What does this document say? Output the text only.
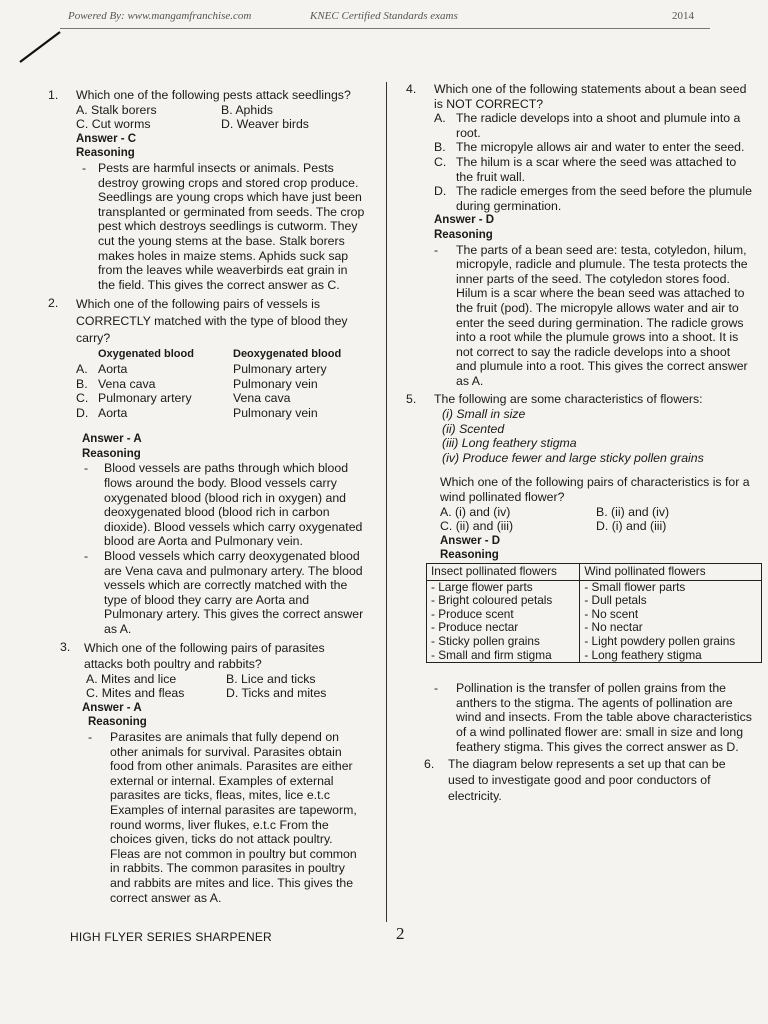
Powered By: www.mangamfranchise.com	KNEC Certified Standards exams	2014
1. Which one of the following pests attack seedlings?
A. Stalk borers	B. Aphids
C. Cut worms	D. Weaver birds
Answer - C
Reasoning
- Pests are harmful insects or animals. Pests destroy growing crops and stored crop produce. Seedlings are young crops which have just been transplanted or germinated from seeds. The crop pest which destroys seedlings is cutworm. They cut the young stems at the base. Stalk borers makes holes in maize stems. Aphids suck sap from the leaves while weaverbirds eat grain in the field. This gives the correct answer as C.
2. Which one of the following pairs of vessels is CORRECTLY matched with the type of blood they carry?
Oxygenated blood	Deoxygenated blood
A. Aorta	Pulmonary artery
B. Vena cava	Pulmonary vein
C. Pulmonary artery	Vena cava
D. Aorta	Pulmonary vein
Answer - A
Reasoning
- Blood vessels are paths through which blood flows around the body. Blood vessels carry oxygenated blood (blood rich in oxygen) and deoxygenated blood (blood rich in carbon dioxide). Blood vessels which carry oxygenated blood are Aorta and Pulmonary vein.
- Blood vessels which carry deoxygenated blood are Vena cava and pulmonary artery. The blood vessels which are correctly matched with the type of blood they carry are Aorta and Pulmonary artery. This gives the correct answer as A.
3. Which one of the following pairs of parasites attacks both poultry and rabbits?
A. Mites and lice	B. Lice and ticks
C. Mites and fleas	D. Ticks and mites
Answer - A
Reasoning
- Parasites are animals that fully depend on other animals for survival. Parasites obtain food from other animals. Parasites are either external or internal. Examples of external parasites are ticks, fleas, mites, lice e.t.c Examples of internal parasites are tapeworm, round worms, liver flukes, e.t.c From the choices given, ticks do not attack poultry. Fleas are not common in poultry but common in rabbits. The common parasites in poultry and rabbits are mites and lice. This gives the correct answer as A.
4. Which one of the following statements about a bean seed is NOT CORRECT?
A. The radicle develops into a shoot and plumule into a root.
B. The micropyle allows air and water to enter the seed.
C. The hilum is a scar where the seed was attached to the fruit wall.
D. The radicle emerges from the seed before the plumule during germination.
Answer - D
Reasoning
- The parts of a bean seed are: testa, cotyledon, hilum, micropyle, radicle and plumule. The testa protects the inner parts of the seed. The cotyledon stores food. Hilum is a scar where the bean seed was attached to the fruit (pod). The micropyle allows water and air to enter the seed during germination. The radicle grows into a root while the plumule grows into a shoot. It is not correct to say the radicle develops into a shoot and plumule into a root. This gives the correct answer as A.
5. The following are some characteristics of flowers:
(i) Small in size
(ii) Scented
(iii) Long feathery stigma
(iv) Produce fewer and large sticky pollen grains
Which one of the following pairs of characteristics is for a wind pollinated flower?
A. (i) and (iv)	B. (ii) and (iv)
C. (ii) and (iii)	D. (i) and (iii)
Answer - D
Reasoning
Insect pollinated flowers	Wind pollinated flowers
- Large flower parts	- Small flower parts
- Bright coloured petals	- Dull petals
- Produce scent	- No scent
- Produce nectar	- No nectar
- Sticky pollen grains	- Light powdery pollen grains
- Small and firm stigma	- Long feathery stigma
- Pollination is the transfer of pollen grains from the anthers to the stigma. The agents of pollination are wind and insects. From the table above characteristics of a wind pollinated flower are: small in size and long feathery stigma. This gives the correct answer as D.
6. The diagram below represents a set up that can be used to investigate good and poor conductors of electricity.
HIGH FLYER SERIES SHARPENER	2
